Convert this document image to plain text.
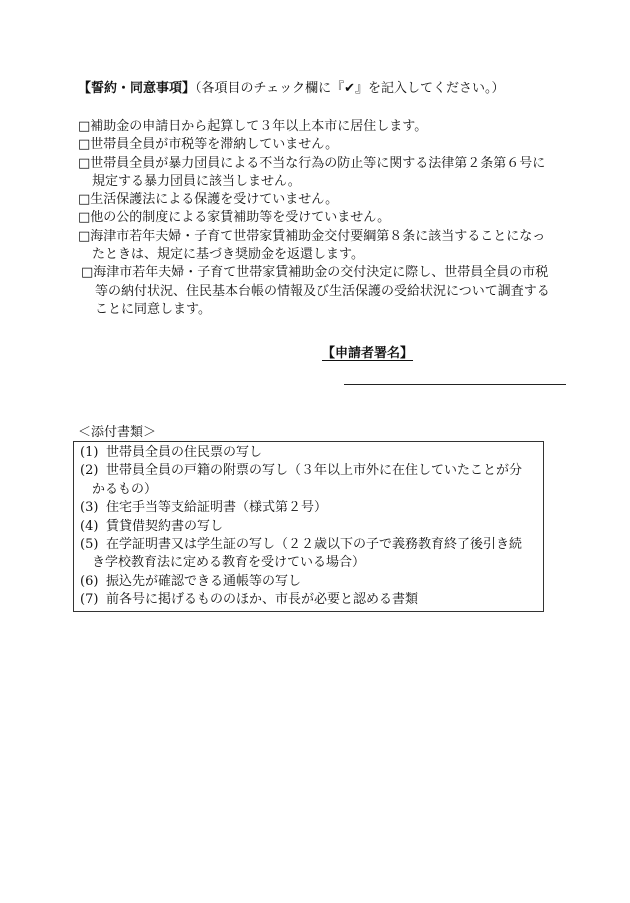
【誓約・同意事項】（各項目のチェック欄に『✔』を記入してください。）
□補助金の申請日から起算して３年以上本市に居住します。
□世帯員全員が市税等を滞納していません。
□世帯員全員が暴力団員による不当な行為の防止等に関する法律第２条第６号に
規定する暴力団員に該当しません。
□生活保護法による保護を受けていません。
□他の公的制度による家賃補助等を受けていません。
□海津市若年夫婦・子育て世帯家賃補助金交付要綱第８条に該当することになっ
たときは、規定に基づき奨励金を返還します。
□海津市若年夫婦・子育て世帯家賃補助金の交付決定に際し、世帯員全員の市税
等の納付状況、住民基本台帳の情報及び生活保護の受給状況について調査する
ことに同意します。
【申請者署名】
＜添付書類＞
(1) 世帯員全員の住民票の写し
(2) 世帯員全員の戸籍の附票の写し（３年以上市外に在住していたことが分
かるもの）
(3) 住宅手当等支給証明書（様式第２号）
(4) 賃貸借契約書の写し
(5) 在学証明書又は学生証の写し（２２歳以下の子で義務教育終了後引き続
き学校教育法に定める教育を受けている場合）
(6) 振込先が確認できる通帳等の写し
(7) 前各号に掲げるもののほか、市長が必要と認める書類
